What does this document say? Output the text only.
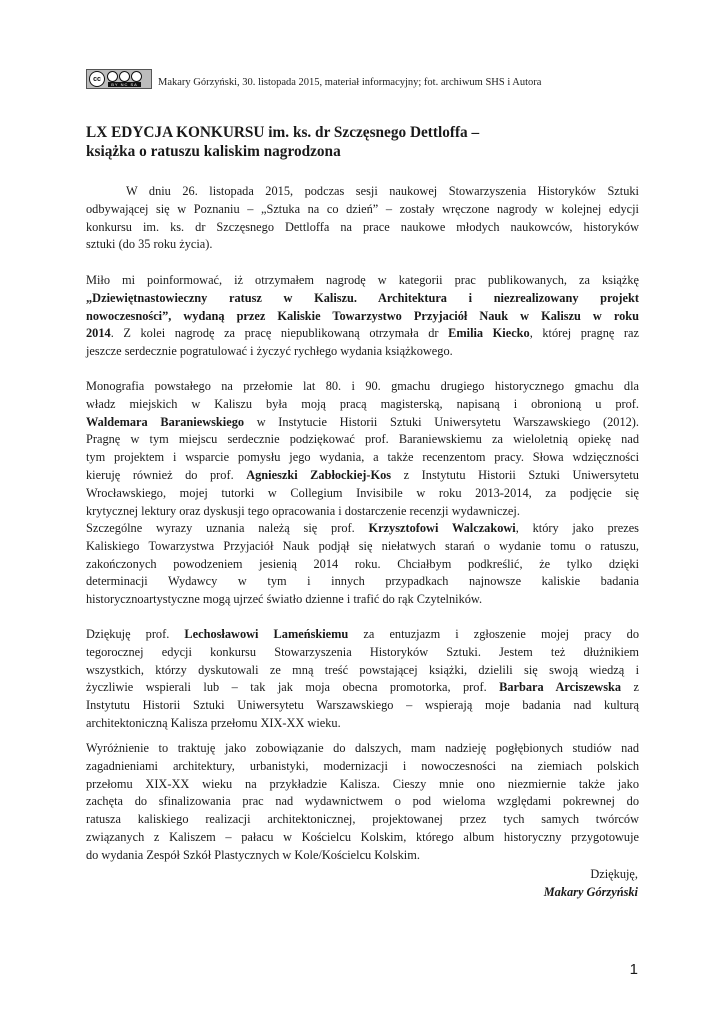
cc
BY NC SA Makary Górzyński, 30. listopada 2015, materiał informacyjny; fot. archiwum SHS i Autora
LX EDYCJA KONKURSU im. ks. dr Szczęsnego Dettloffa –
książka o ratuszu kaliskim nagrodzona

W dniu 26. listopada 2015, podczas sesji naukowej Stowarzyszenia Historyków Sztuki
odbywającej się w Poznaniu – „Sztuka na co dzień” – zostały wręczone nagrody w kolejnej edycji
konkursu im. ks. dr Szczęsnego Dettloffa na prace naukowe młodych naukowców, historyków
sztuki (do 35 roku życia).

Miło mi poinformować, iż otrzymałem nagrodę w kategorii prac publikowanych, za książkę
„Dziewiętnastowieczny ratusz w Kaliszu. Architektura i niezrealizowany projekt
nowoczesności”, wydaną przez Kaliskie Towarzystwo Przyjaciół Nauk w Kaliszu w roku
2014. Z kolei nagrodę za pracę niepublikowaną otrzymała dr Emilia Kiecko, której pragnę raz
jeszcze serdecznie pogratulować i życzyć rychłego wydania książkowego.

Monografia powstałego na przełomie lat 80. i 90. gmachu drugiego historycznego gmachu dla
władz miejskich w Kaliszu była moją pracą magisterską, napisaną i obronioną u prof.
Waldemara Baraniewskiego w Instytucie Historii Sztuki Uniwersytetu Warszawskiego (2012).
Pragnę w tym miejscu serdecznie podziękować prof. Baraniewskiemu za wieloletnią opiekę nad
tym projektem i wsparcie pomysłu jego wydania, a także recenzentom pracy. Słowa wdzięczności
kieruję również do prof. Agnieszki Zabłockiej-Kos z Instytutu Historii Sztuki Uniwersytetu
Wrocławskiego, mojej tutorki w Collegium Invisibile w roku 2013-2014, za podjęcie się
krytycznej lektury oraz dyskusji tego opracowania i dostarczenie recenzji wydawniczej.

Szczególne wyrazy uznania należą się prof. Krzysztofowi Walczakowi, który jako prezes
Kaliskiego Towarzystwa Przyjaciół Nauk podjął się niełatwych starań o wydanie tomu o ratuszu,
zakończonych powodzeniem jesienią 2014 roku. Chciałbym podkreślić, że tylko dzięki
determinacji Wydawcy w tym i innych przypadkach najnowsze kaliskie badania
historycznoartystyczne mogą ujrzeć światło dzienne i trafić do rąk Czytelników.

Dziękuję prof. Lechosławowi Lameńskiemu za entuzjazm i zgłoszenie mojej pracy do
tegorocznej edycji konkursu Stowarzyszenia Historyków Sztuki. Jestem też dłużnikiem
wszystkich, którzy dyskutowali ze mną treść powstającej książki, dzielili się swoją wiedzą i
życzliwie wspierali lub – tak jak moja obecna promotorka, prof. Barbara Arciszewska z
Instytutu Historii Sztuki Uniwersytetu Warszawskiego – wspierają moje badania nad kulturą
architektoniczną Kalisza przełomu XIX-XX wieku.

Wyróżnienie to traktuję jako zobowiązanie do dalszych, mam nadzieję pogłębionych studiów nad
zagadnieniami architektury, urbanistyki, modernizacji i nowoczesności na ziemiach polskich
przełomu XIX-XX wieku na przykładzie Kalisza. Cieszy mnie ono niezmiernie także jako
zachęta do sfinalizowania prac nad wydawnictwem o pod wieloma względami pokrewnej do
ratusza kaliskiego realizacji architektonicznej, projektowanej przez tych samych twórców
związanych z Kaliszem – pałacu w Kościelcu Kolskim, którego album historyczny przygotowuje
do wydania Zespół Szkół Plastycznych w Kole/Kościelcu Kolskim.

Dziękuję,
Makary Górzyński
1
